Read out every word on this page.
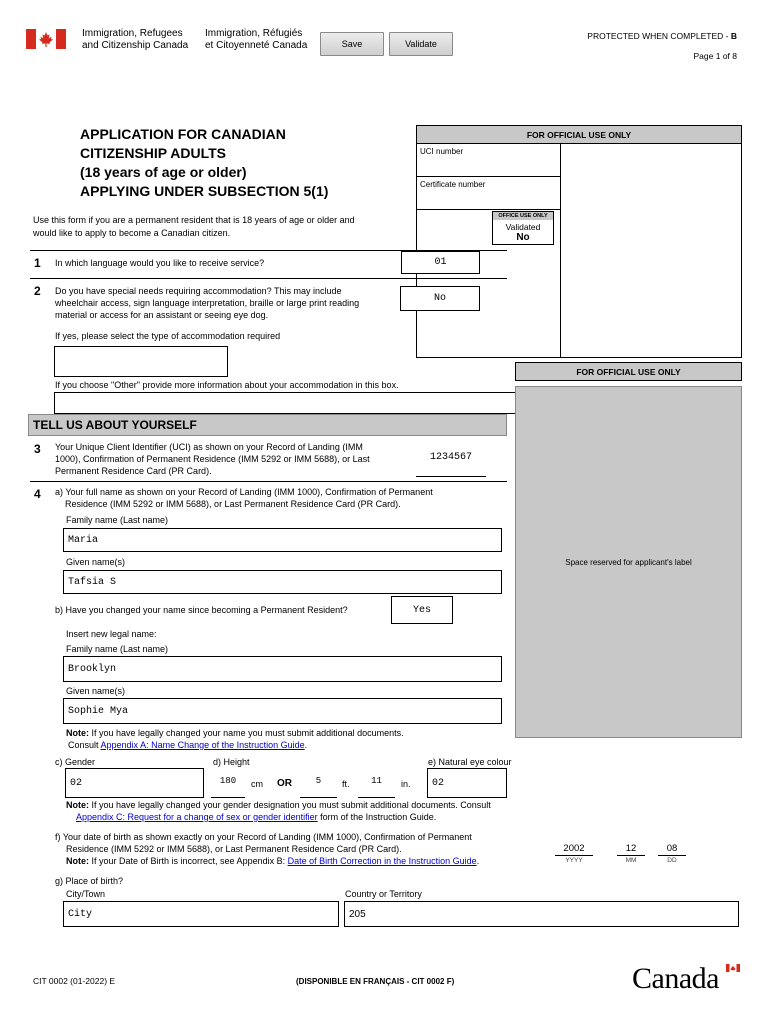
Immigration, Refugees
and Citizenship Canada
Immigration, Réfugiés
et Citoyenneté Canada	Save	Validate
PROTECTED WHEN COMPLETED - B
Page 1 of 8
APPLICATION FOR CANADIAN
CITIZENSHIP ADULTS
(18 years of age or older)
APPLYING UNDER SUBSECTION 5(1)
Use this form if you are a permanent resident that is 18 years of age or older and
would like to apply to become a Canadian citizen.
FOR OFFICIAL USE ONLY
UCI number
Certificate number
OFFICE USE ONLY
Validated
No
1 In which language would you like to receive service?	01
2 Do you have special needs requiring accommodation? This may include
wheelchair access, sign language interpretation, braille or large print reading
material or access for an assistant or seeing eye dog.
No
If yes, please select the type of accommodation required
If you choose "Other" provide more information about your accommodation in this box.
FOR OFFICIAL USE ONLY
Space reserved for applicant's label
TELL US ABOUT YOURSELF
3 Your Unique Client Identifier (UCI) as shown on your Record of Landing (IMM
1000), Confirmation of Permanent Residence (IMM 5292 or IMM 5688), or Last
Permanent Residence Card (PR Card).
1234567
4 a) Your full name as shown on your Record of Landing (IMM 1000), Confirmation of Permanent
Residence (IMM 5292 or IMM 5688), or Last Permanent Residence Card (PR Card).
Family name (Last name)
Maria
Given name(s)
Tafsia S
b) Have you changed your name since becoming a Permanent Resident?	Yes
Insert new legal name:
Family name (Last name)
Brooklyn
Given name(s)
Sophie Mya
Note: If you have legally changed your name you must submit additional documents.
Consult Appendix A: Name Change of the Instruction Guide.
c) Gender
02
d) Height
180	cm OR	5	ft.	11	in.
e) Natural eye colour
02
Note: If you have legally changed your gender designation you must submit additional documents. Consult
Appendix C: Request for a change of sex or gender identifier form of the Instruction Guide.
f) Your date of birth as shown exactly on your Record of Landing (IMM 1000), Confirmation of Permanent
Residence (IMM 5292 or IMM 5688), or Last Permanent Residence Card (PR Card).
Note: If your Date of Birth is incorrect, see Appendix B: Date of Birth Correction in the Instruction Guide.
2002	12	08
YYYY	MM	DD
g) Place of birth?
City/Town
City
Country or Territory
205
CIT 0002 (01-2022) E	(DISPONIBLE EN FRANÇAIS - CIT 0002 F)	Canada
